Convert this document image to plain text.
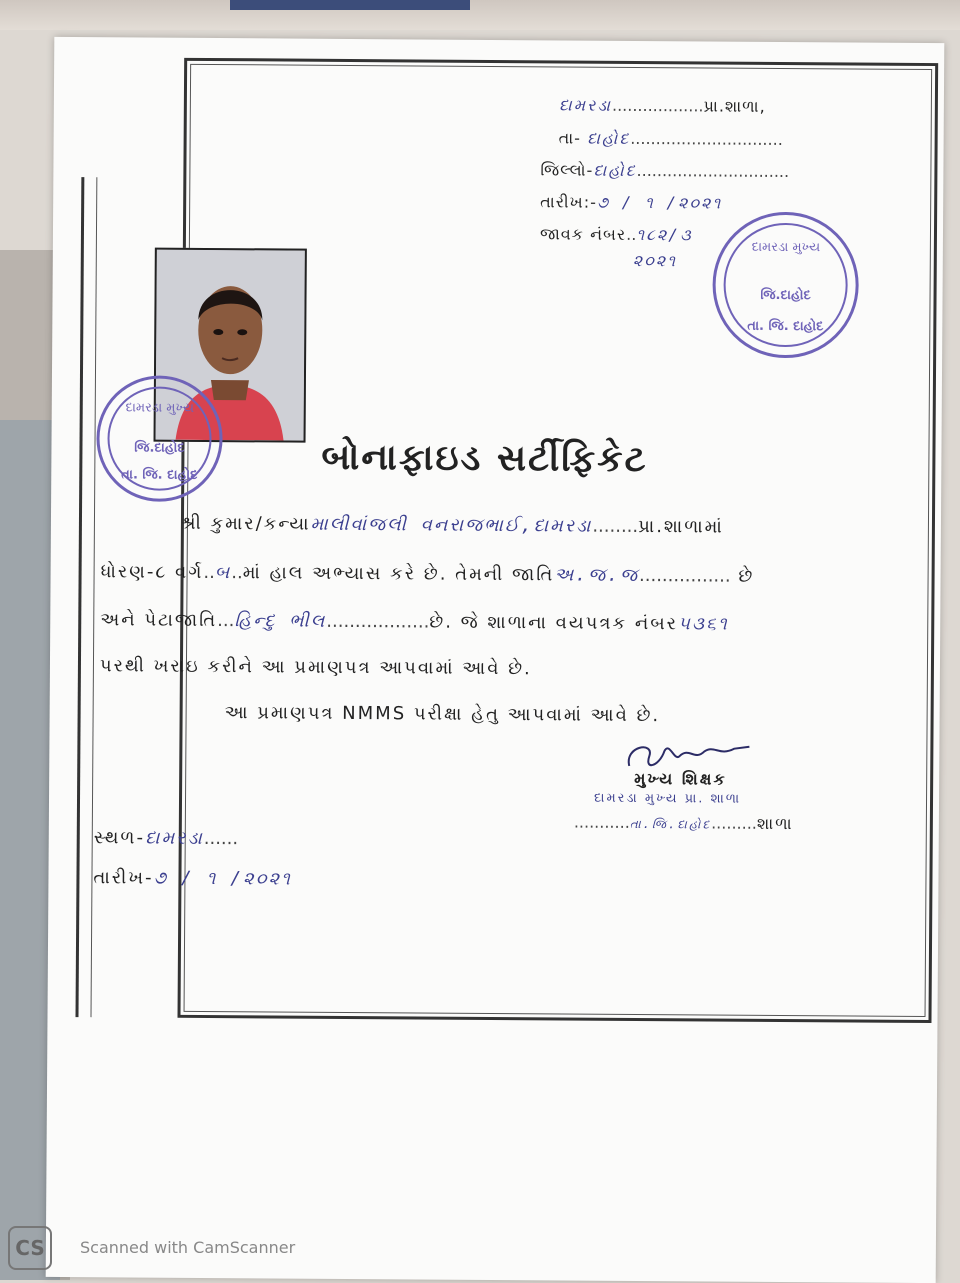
દામરડા..................પ્રા.શાળા,
તા- દાહોદ..............................
જિલ્લો-દાહોદ..............................
તારીખ:-૭ / ૧ /૨૦૨૧
જાવક નંબર..૧૮૨/૩
૨૦૨૧
દામરડા મુખ્ય
જિ.દાહોદ
તા. જિ. દાહોદ
દામરડા મુખ્ય
જિ.દાહોદ
તા. જિ. દાહોદ
બોનાફાઇડ સર્ટીફિકેટ
શ્રી કુમાર/કન્યામાલીવાંજલી વનરાજભાઈ,દામરડા........પ્રા.શાળામાં
ધોરણ-૮ વર્ગ..બ..માં હાલ અભ્યાસ કરે છે. તેમની જાતિઅ.જ.જ................ છે
અને પેટાજાતિ...હિન્દુ ભીલ..................છે. જે શાળાના વયપત્રક નંબર૫૩૬૧
પરથી ખરાઇ કરીને આ પ્રમાણપત્ર આપવામાં આવે છે.
આ પ્રમાણપત્ર NMMS પરીક્ષા હેતુ આપવામાં આવે છે.
મુખ્ય શિક્ષક
દામરડા મુખ્ય પ્રા. શાળા
...........તા.જિ.દાહોદ.........શાળા
સ્થળ-દામરડા......
તારીખ-૭ / ૧ /૨૦૨૧
CS	Scanned with CamScanner
